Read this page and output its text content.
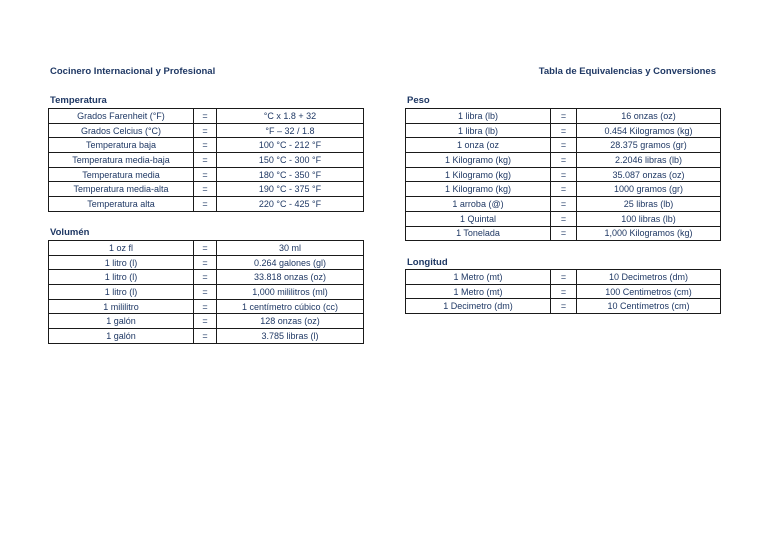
Cocinero Internacional y Profesional	Tabla de Equivalencias y Conversiones
Temperatura
Grados Farenheit (°F)	=	°C x 1.8 + 32
Grados Celcius (°C)	=	°F – 32 / 1.8
Temperatura baja	=	100 °C - 212 °F
Temperatura media-baja	=	150 °C - 300 °F
Temperatura media	=	180 °C - 350 °F
Temperatura media-alta	=	190 °C - 375 °F
Temperatura alta	=	220 °C - 425 °F
Volumén
1 oz fl	=	30 ml
1 litro (l)	=	0.264 galones (gl)
1 litro (l)	=	33.818 onzas (oz)
1 litro (l)	=	1,000 mililitros (ml)
1 mililitro	=	1 centímetro cúbico (cc)
1 galón	=	128 onzas (oz)
1 galón	=	3.785 libras (l)
Peso
1 libra (lb)	=	16 onzas (oz)
1 libra (lb)	=	0.454 Kilogramos (kg)
1 onza (oz	=	28.375 gramos (gr)
1 Kilogramo (kg)	=	2.2046 libras (lb)
1 Kilogramo (kg)	=	35.087 onzas (oz)
1 Kilogramo (kg)	=	1000 gramos (gr)
1 arroba (@)	=	25 libras (lb)
1 Quintal	=	100 libras (lb)
1 Tonelada	=	1,000 Kilogramos (kg)
Longitud
1 Metro (mt)	=	10 Decimetros (dm)
1 Metro (mt)	=	100 Centimetros (cm)
1 Decimetro (dm)	=	10 Centímetros (cm)
